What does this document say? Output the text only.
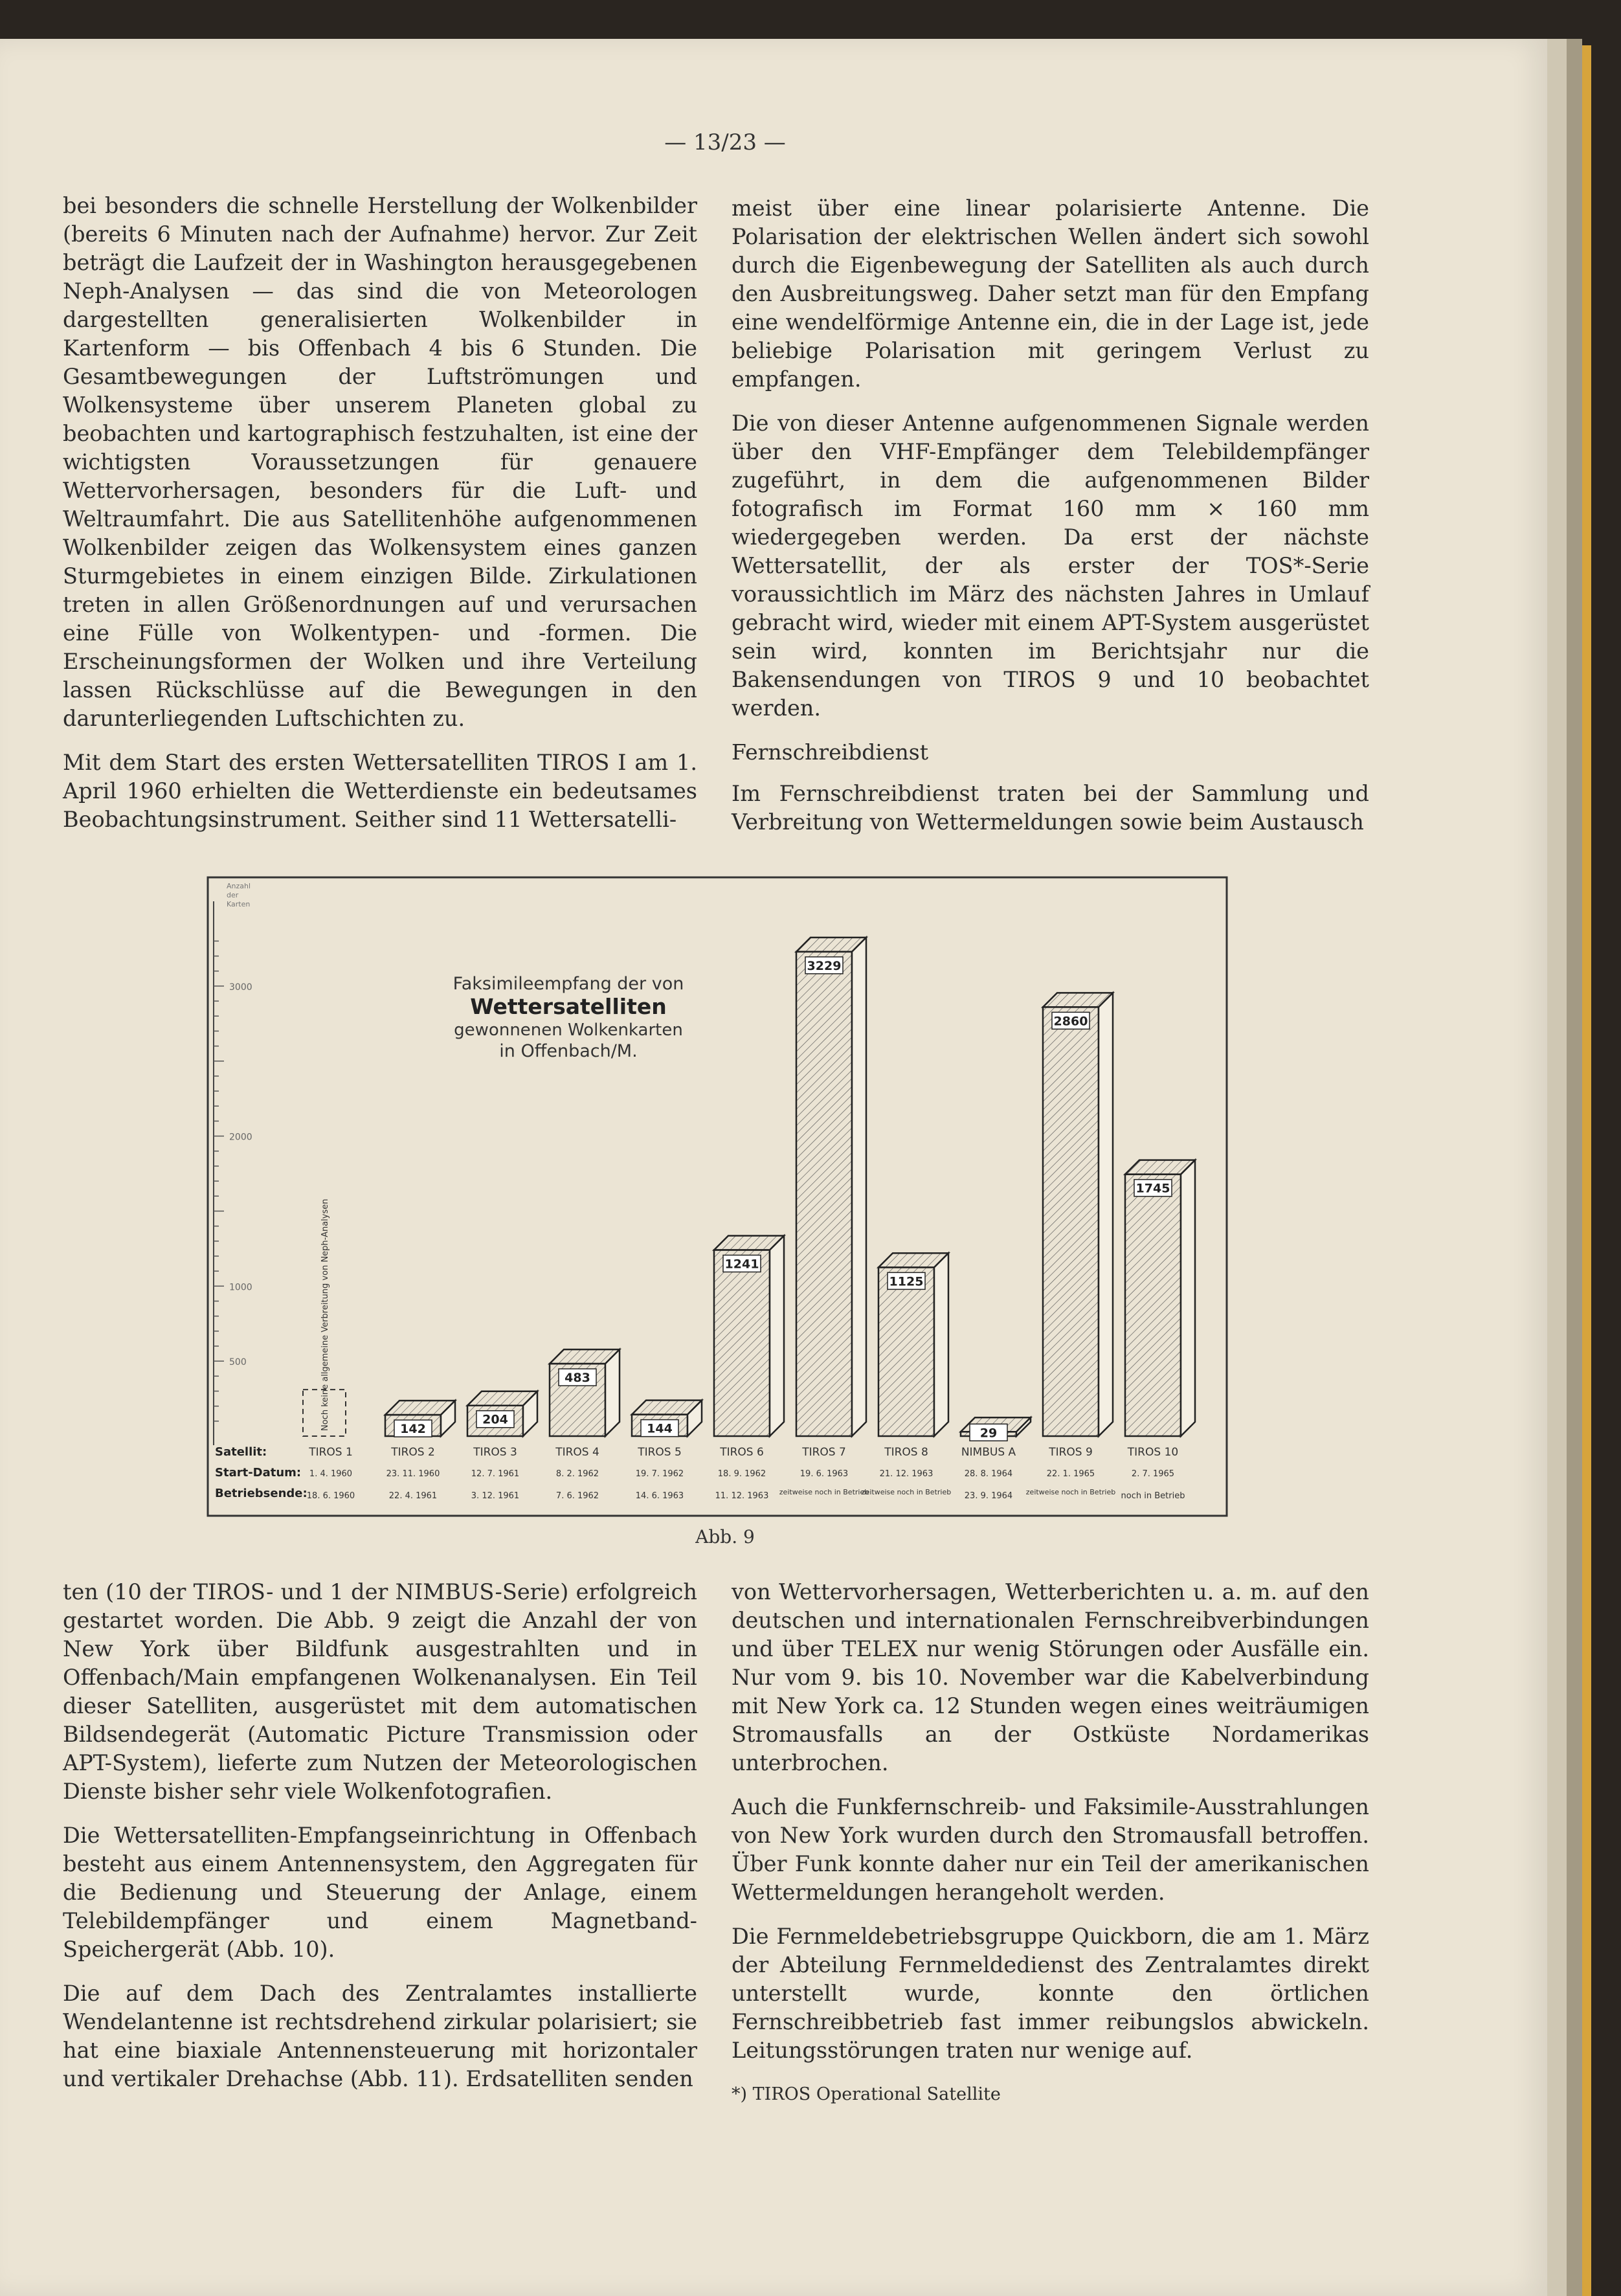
— 13/23 —

bei besonders die schnelle Herstellung der Wolkenbilder (bereits 6 Minuten nach der Aufnahme) hervor. Zur Zeit beträgt die Laufzeit der in Washington herausgegebenen Neph-Analysen — das sind die von Meteorologen dargestellten generalisierten Wolkenbilder in Kartenform — bis Offenbach 4 bis 6 Stunden. Die Gesamtbewegungen der Luftströmungen und Wolkensysteme über unserem Planeten global zu beobachten und kartographisch festzuhalten, ist eine der wichtigsten Voraussetzungen für genauere Wettervorhersagen, besonders für die Luft- und Weltraumfahrt. Die aus Satellitenhöhe aufgenommenen Wolkenbilder zeigen das Wolkensystem eines ganzen Sturmgebietes in einem einzigen Bilde. Zirkulationen treten in allen Größenordnungen auf und verursachen eine Fülle von Wolkentypen- und -formen. Die Erscheinungsformen der Wolken und ihre Verteilung lassen Rückschlüsse auf die Bewegungen in den darunterliegenden Luftschichten zu.

Mit dem Start des ersten Wettersatelliten TIROS I am 1. April 1960 erhielten die Wetterdienste ein bedeutsames Beobachtungsinstrument. Seither sind 11 Wettersatelli-

meist über eine linear polarisierte Antenne. Die Polarisation der elektrischen Wellen ändert sich sowohl durch die Eigenbewegung der Satelliten als auch durch den Ausbreitungsweg. Daher setzt man für den Empfang eine wendelförmige Antenne ein, die in der Lage ist, jede beliebige Polarisation mit geringem Verlust zu empfangen.

Die von dieser Antenne aufgenommenen Signale werden über den VHF-Empfänger dem Telebildempfänger zugeführt, in dem die aufgenommenen Bilder fotografisch im Format 160 mm × 160 mm wiedergegeben werden. Da erst der nächste Wettersatellit, der als erster der TOS*-Serie voraussichtlich im März des nächsten Jahres in Umlauf gebracht wird, wieder mit einem APT-System ausgerüstet sein wird, konnten im Berichtsjahr nur die Bakensendungen von TIROS 9 und 10 beobachtet werden.

Fernschreibdienst

Im Fernschreibdienst traten bei der Sammlung und Verbreitung von Wettermeldungen sowie beim Austausch

500
1000
2000
3000
Anzahl
der
Karten
Faksimileempfang der von
Wettersatelliten
gewonnenen Wolkenkarten
in Offenbach/M.
Noch keine allgemeine Verbreitung von Neph-Analysen
TIROS 1
1. 4. 1960
18. 6. 1960
142
TIROS 2
23. 11. 1960
22. 4. 1961
204
TIROS 3
12. 7. 1961
3. 12. 1961
483
TIROS 4
8. 2. 1962
7. 6. 1962
144
TIROS 5
19. 7. 1962
14. 6. 1963
1241
TIROS 6
18. 9. 1962
11. 12. 1963
3229
TIROS 7
19. 6. 1963
zeitweise noch in Betrieb
1125
TIROS 8
21. 12. 1963
zeitweise noch in Betrieb
29
NIMBUS A
28. 8. 1964
23. 9. 1964
2860
TIROS 9
22. 1. 1965
zeitweise noch in Betrieb
1745
TIROS 10
2. 7. 1965
noch in Betrieb
Satellit:
Start-Datum:
Betriebsende:
Abb. 9

ten (10 der TIROS- und 1 der NIMBUS-Serie) erfolgreich gestartet worden. Die Abb. 9 zeigt die Anzahl der von New York über Bildfunk ausgestrahlten und in Offenbach/Main empfangenen Wolkenanalysen. Ein Teil dieser Satelliten, ausgerüstet mit dem automatischen Bildsendegerät (Automatic Picture Transmission oder APT-System), lieferte zum Nutzen der Meteorologischen Dienste bisher sehr viele Wolkenfotografien.

Die Wettersatelliten-Empfangseinrichtung in Offenbach besteht aus einem Antennensystem, den Aggregaten für die Bedienung und Steuerung der Anlage, einem Telebildempfänger und einem Magnetband-Speichergerät (Abb. 10).

Die auf dem Dach des Zentralamtes installierte Wendelantenne ist rechtsdrehend zirkular polarisiert; sie hat eine biaxiale Antennensteuerung mit horizontaler und vertikaler Drehachse (Abb. 11). Erdsatelliten senden

von Wettervorhersagen, Wetterberichten u. a. m. auf den deutschen und internationalen Fernschreibverbindungen und über TELEX nur wenig Störungen oder Ausfälle ein. Nur vom 9. bis 10. November war die Kabelverbindung mit New York ca. 12 Stunden wegen eines weiträumigen Stromausfalls an der Ostküste Nordamerikas unterbrochen.

Auch die Funkfernschreib- und Faksimile-Ausstrahlungen von New York wurden durch den Stromausfall betroffen. Über Funk konnte daher nur ein Teil der amerikanischen Wettermeldungen herangeholt werden.

Die Fernmeldebetriebsgruppe Quickborn, die am 1. März der Abteilung Fernmeldedienst des Zentralamtes direkt unterstellt wurde, konnte den örtlichen Fernschreibbetrieb fast immer reibungslos abwickeln. Leitungsstörungen traten nur wenige auf.

*) TIROS Operational Satellite
